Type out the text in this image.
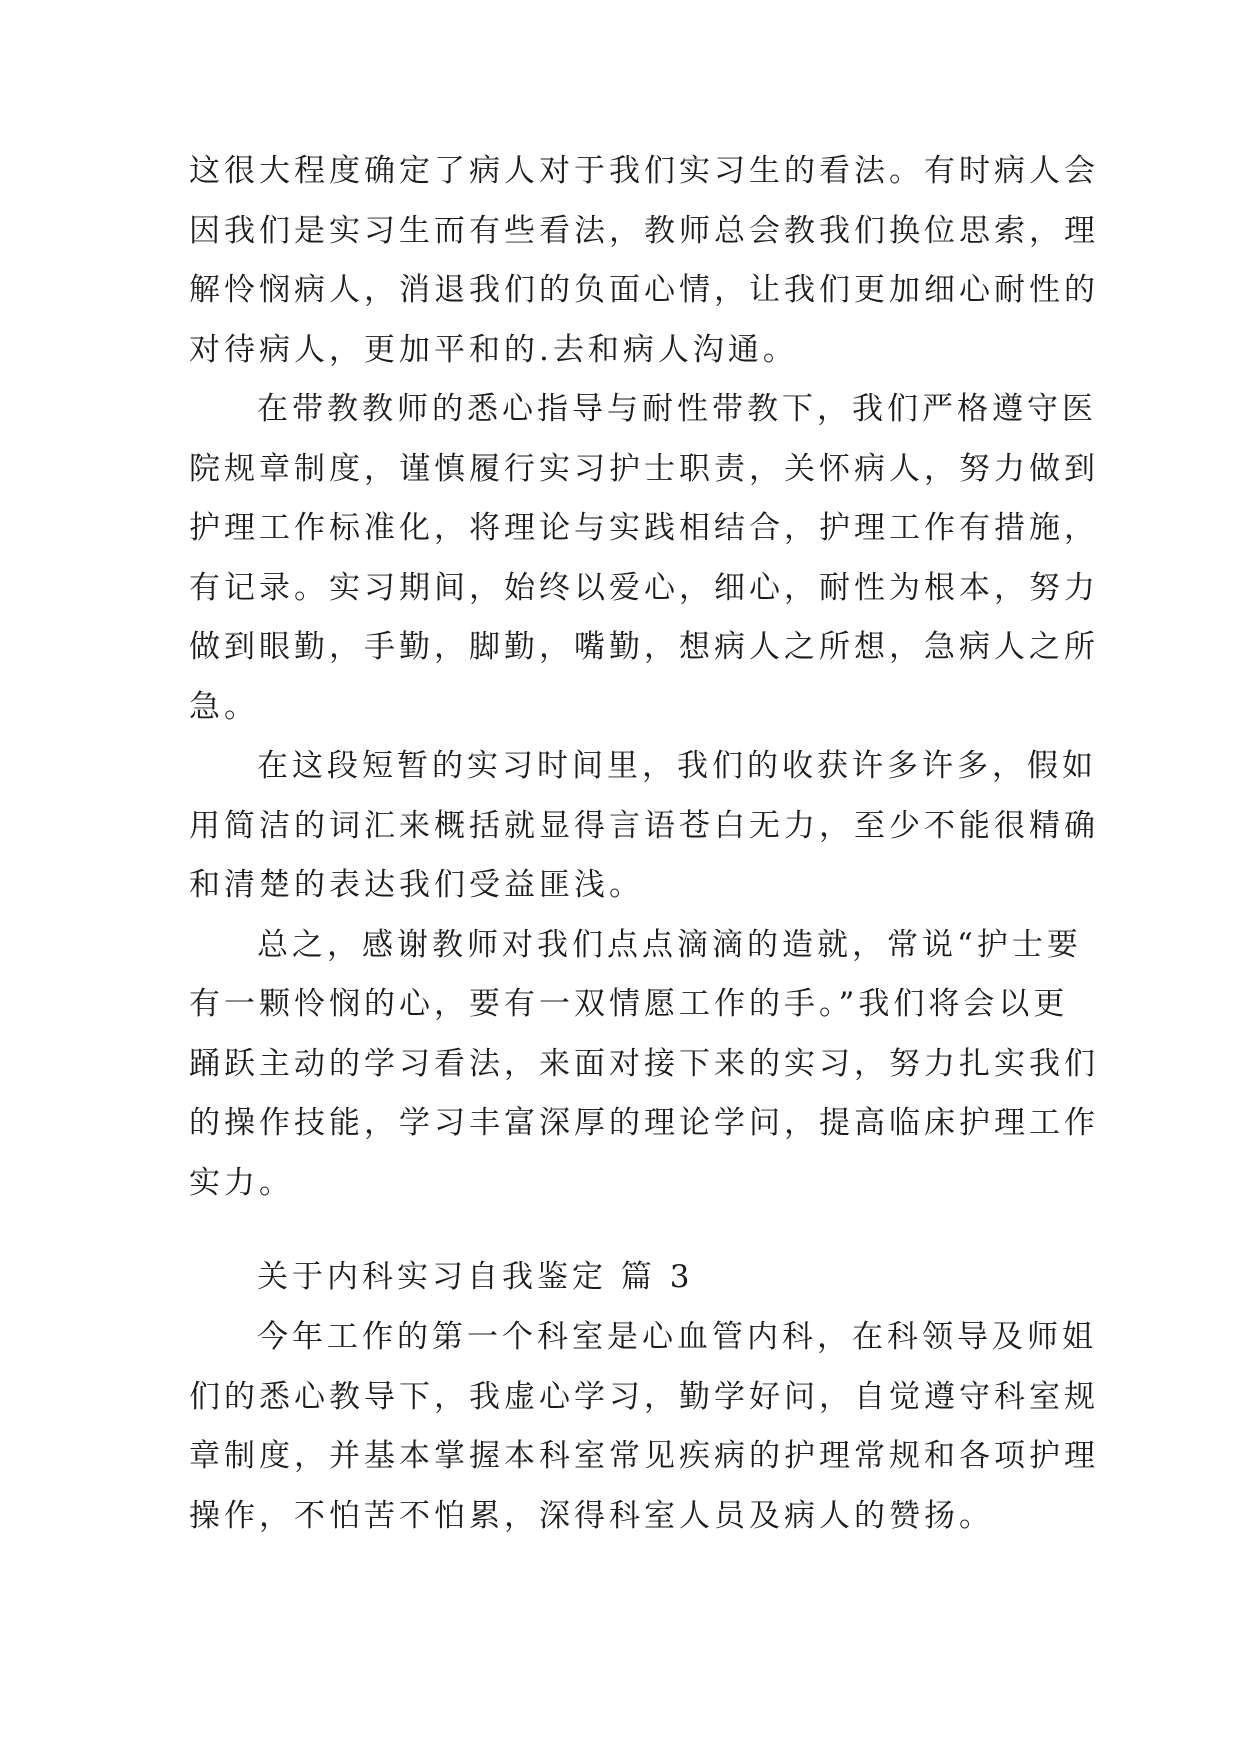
这很大程度确定了病人对于我们实习生的看法。有时病人会
因我们是实习生而有些看法，教师总会教我们换位思索，理
解怜悯病人，消退我们的负面心情，让我们更加细心耐性的
对待病人，更加平和的.去和病人沟通。
在带教教师的悉心指导与耐性带教下，我们严格遵守医
院规章制度，谨慎履行实习护士职责，关怀病人，努力做到
护理工作标准化，将理论与实践相结合，护理工作有措施，
有记录。实习期间，始终以爱心，细心，耐性为根本，努力
做到眼勤，手勤，脚勤，嘴勤，想病人之所想，急病人之所
急。
在这段短暂的实习时间里，我们的收获许多许多，假如
用简洁的词汇来概括就显得言语苍白无力，至少不能很精确
和清楚的表达我们受益匪浅。
总之，感谢教师对我们点点滴滴的造就，常说“护士要
有一颗怜悯的心，要有一双情愿工作的手。”我们将会以更
踊跃主动的学习看法，来面对接下来的实习，努力扎实我们
的操作技能，学习丰富深厚的理论学问，提高临床护理工作
实力。
关于内科实习自我鉴定 篇 3
今年工作的第一个科室是心血管内科，在科领导及师姐
们的悉心教导下，我虚心学习，勤学好问，自觉遵守科室规
章制度，并基本掌握本科室常见疾病的护理常规和各项护理
操作，不怕苦不怕累，深得科室人员及病人的赞扬。
